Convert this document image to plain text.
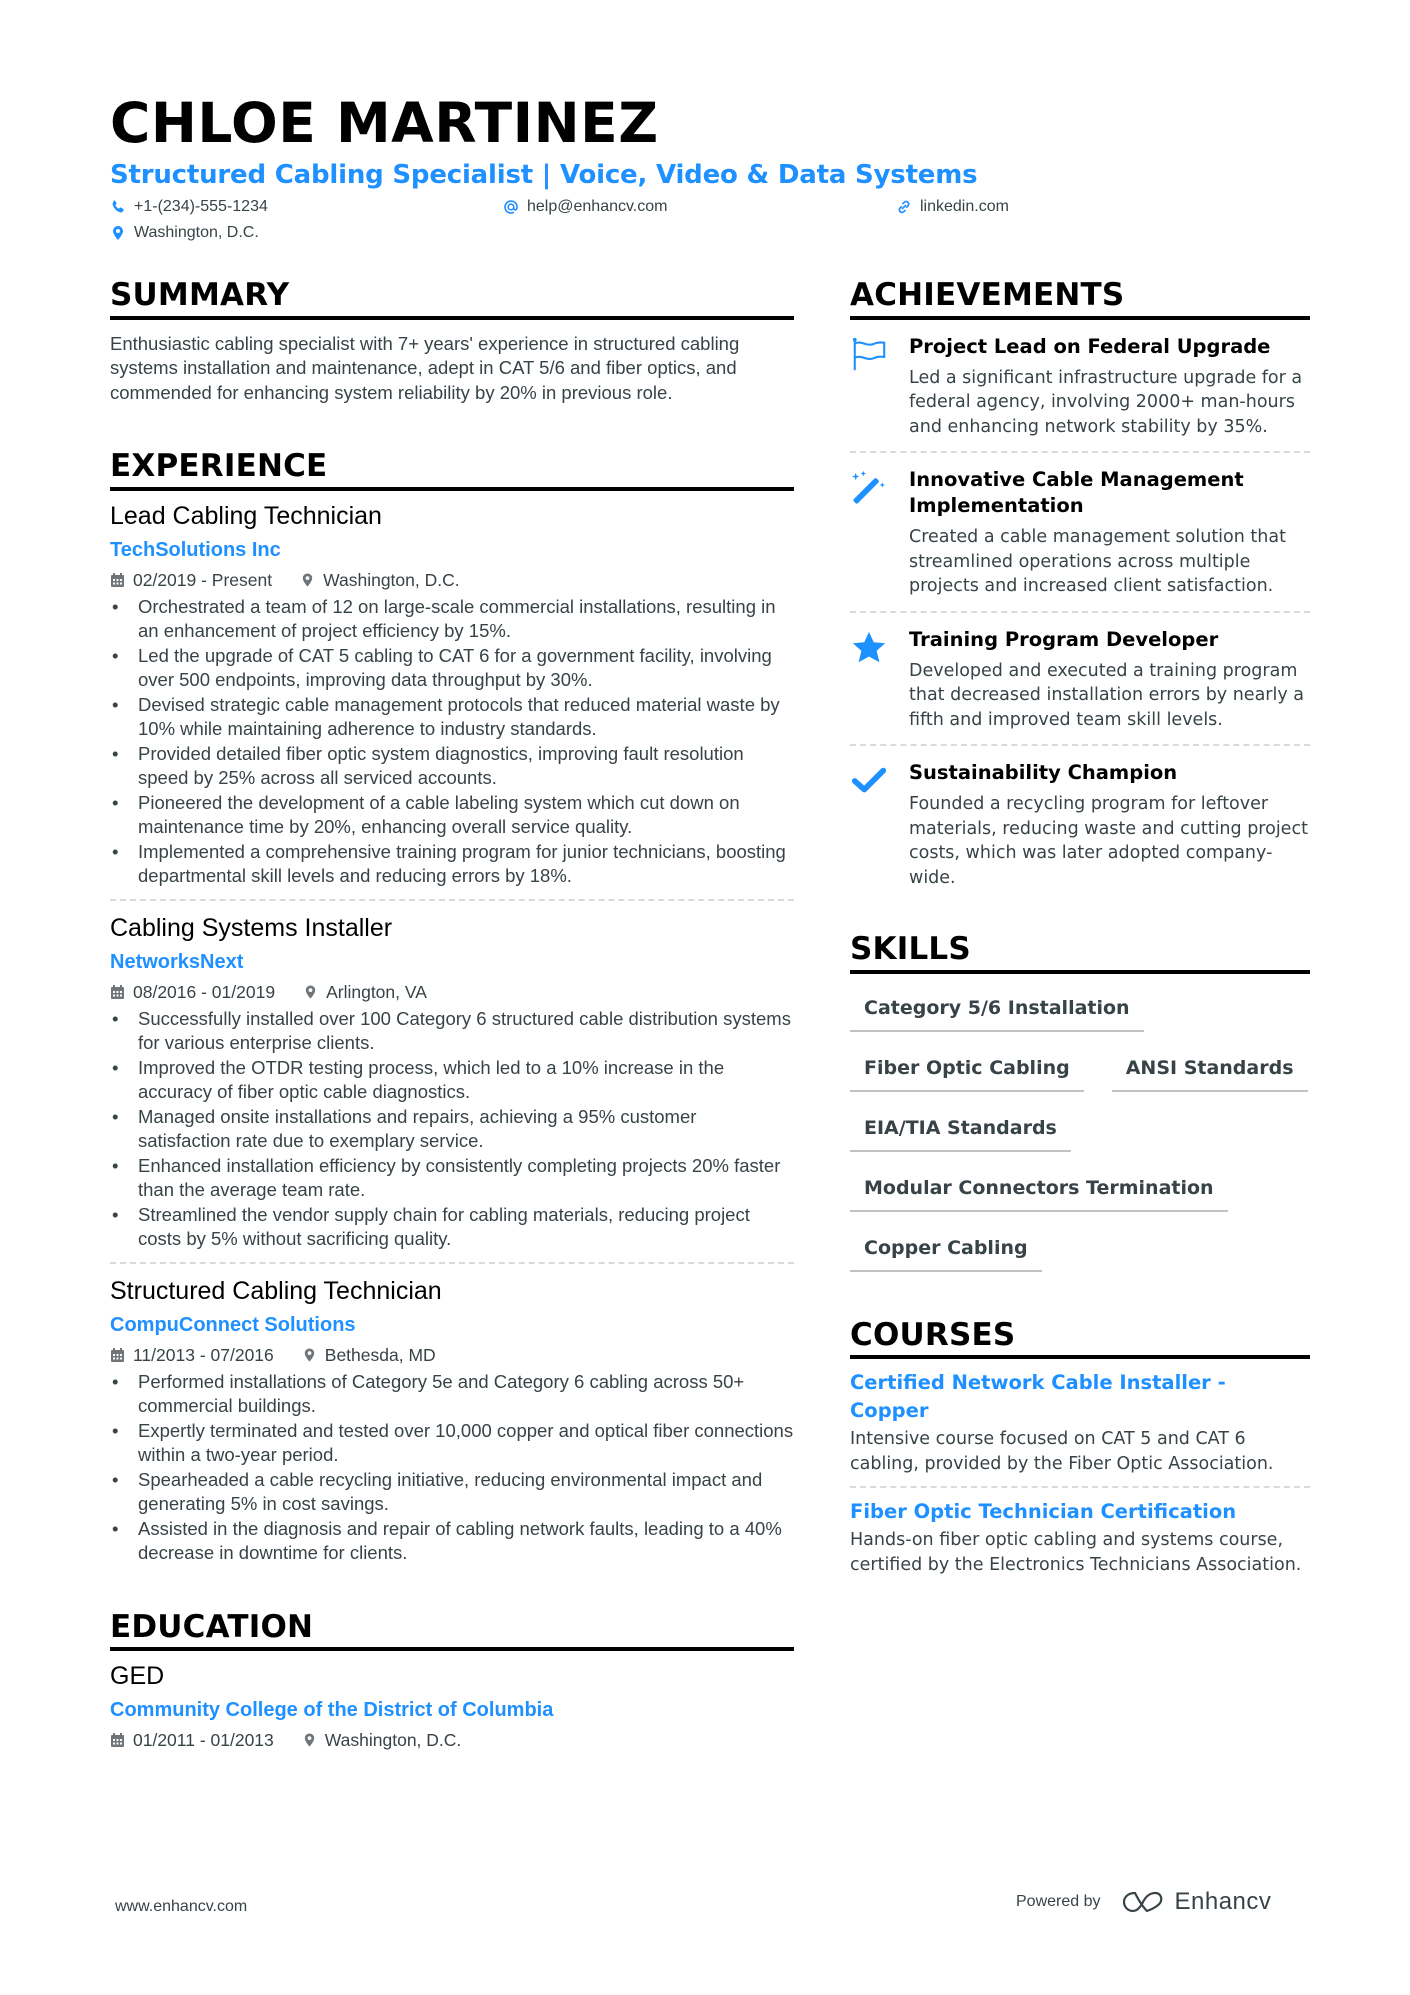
CHLOE MARTINEZ
Structured Cabling Specialist | Voice, Video & Data Systems
+1-(234)-555-1234	help@enhancv.com	linkedin.com
Washington, D.C.
SUMMARY

Enthusiastic cabling specialist with 7+ years' experience in structured cabling systems installation and maintenance, adept in CAT 5/6 and fiber optics, and commended for enhancing system reliability by 20% in previous role.

EXPERIENCE
Lead Cabling Technician
TechSolutions Inc
02/2019 - Present	Washington, D.C.
• Orchestrated a team of 12 on large-scale commercial installations, resulting in an enhancement of project efficiency by 15%.
• Led the upgrade of CAT 5 cabling to CAT 6 for a government facility, involving over 500 endpoints, improving data throughput by 30%.
• Devised strategic cable management protocols that reduced material waste by 10% while maintaining adherence to industry standards.
• Provided detailed fiber optic system diagnostics, improving fault resolution speed by 25% across all serviced accounts.
• Pioneered the development of a cable labeling system which cut down on maintenance time by 20%, enhancing overall service quality.
• Implemented a comprehensive training program for junior technicians, boosting departmental skill levels and reducing errors by 18%.
Cabling Systems Installer
NetworksNext
08/2016 - 01/2019	Arlington, VA
• Successfully installed over 100 Category 6 structured cable distribution systems for various enterprise clients.
• Improved the OTDR testing process, which led to a 10% increase in the accuracy of fiber optic cable diagnostics.
• Managed onsite installations and repairs, achieving a 95% customer satisfaction rate due to exemplary service.
• Enhanced installation efficiency by consistently completing projects 20% faster than the average team rate.
• Streamlined the vendor supply chain for cabling materials, reducing project costs by 5% without sacrificing quality.
Structured Cabling Technician
CompuConnect Solutions
11/2013 - 07/2016	Bethesda, MD
• Performed installations of Category 5e and Category 6 cabling across 50+ commercial buildings.
• Expertly terminated and tested over 10,000 copper and optical fiber connections within a two-year period.
• Spearheaded a cable recycling initiative, reducing environmental impact and generating 5% in cost savings.
• Assisted in the diagnosis and repair of cabling network faults, leading to a 40% decrease in downtime for clients.
EDUCATION
GED
Community College of the District of Columbia
01/2011 - 01/2013	Washington, D.C.
ACHIEVEMENTS
Project Lead on Federal Upgrade
Led a significant infrastructure upgrade for a federal agency, involving 2000+ man-hours and enhancing network stability by 35%.
Innovative Cable Management Implementation
Created a cable management solution that streamlined operations across multiple projects and increased client satisfaction.
Training Program Developer
Developed and executed a training program that decreased installation errors by nearly a fifth and improved team skill levels.
Sustainability Champion
Founded a recycling program for leftover materials, reducing waste and cutting project costs, which was later adopted company-wide.
SKILLS
Category 5/6 Installation
Fiber Optic Cabling	ANSI Standards
EIA/TIA Standards
Modular Connectors Termination
Copper Cabling
COURSES
Certified Network Cable Installer - Copper
Intensive course focused on CAT 5 and CAT 6 cabling, provided by the Fiber Optic Association.
Fiber Optic Technician Certification
Hands-on fiber optic cabling and systems course, certified by the Electronics Technicians Association.
www.enhancv.com	Powered by	Enhancv
